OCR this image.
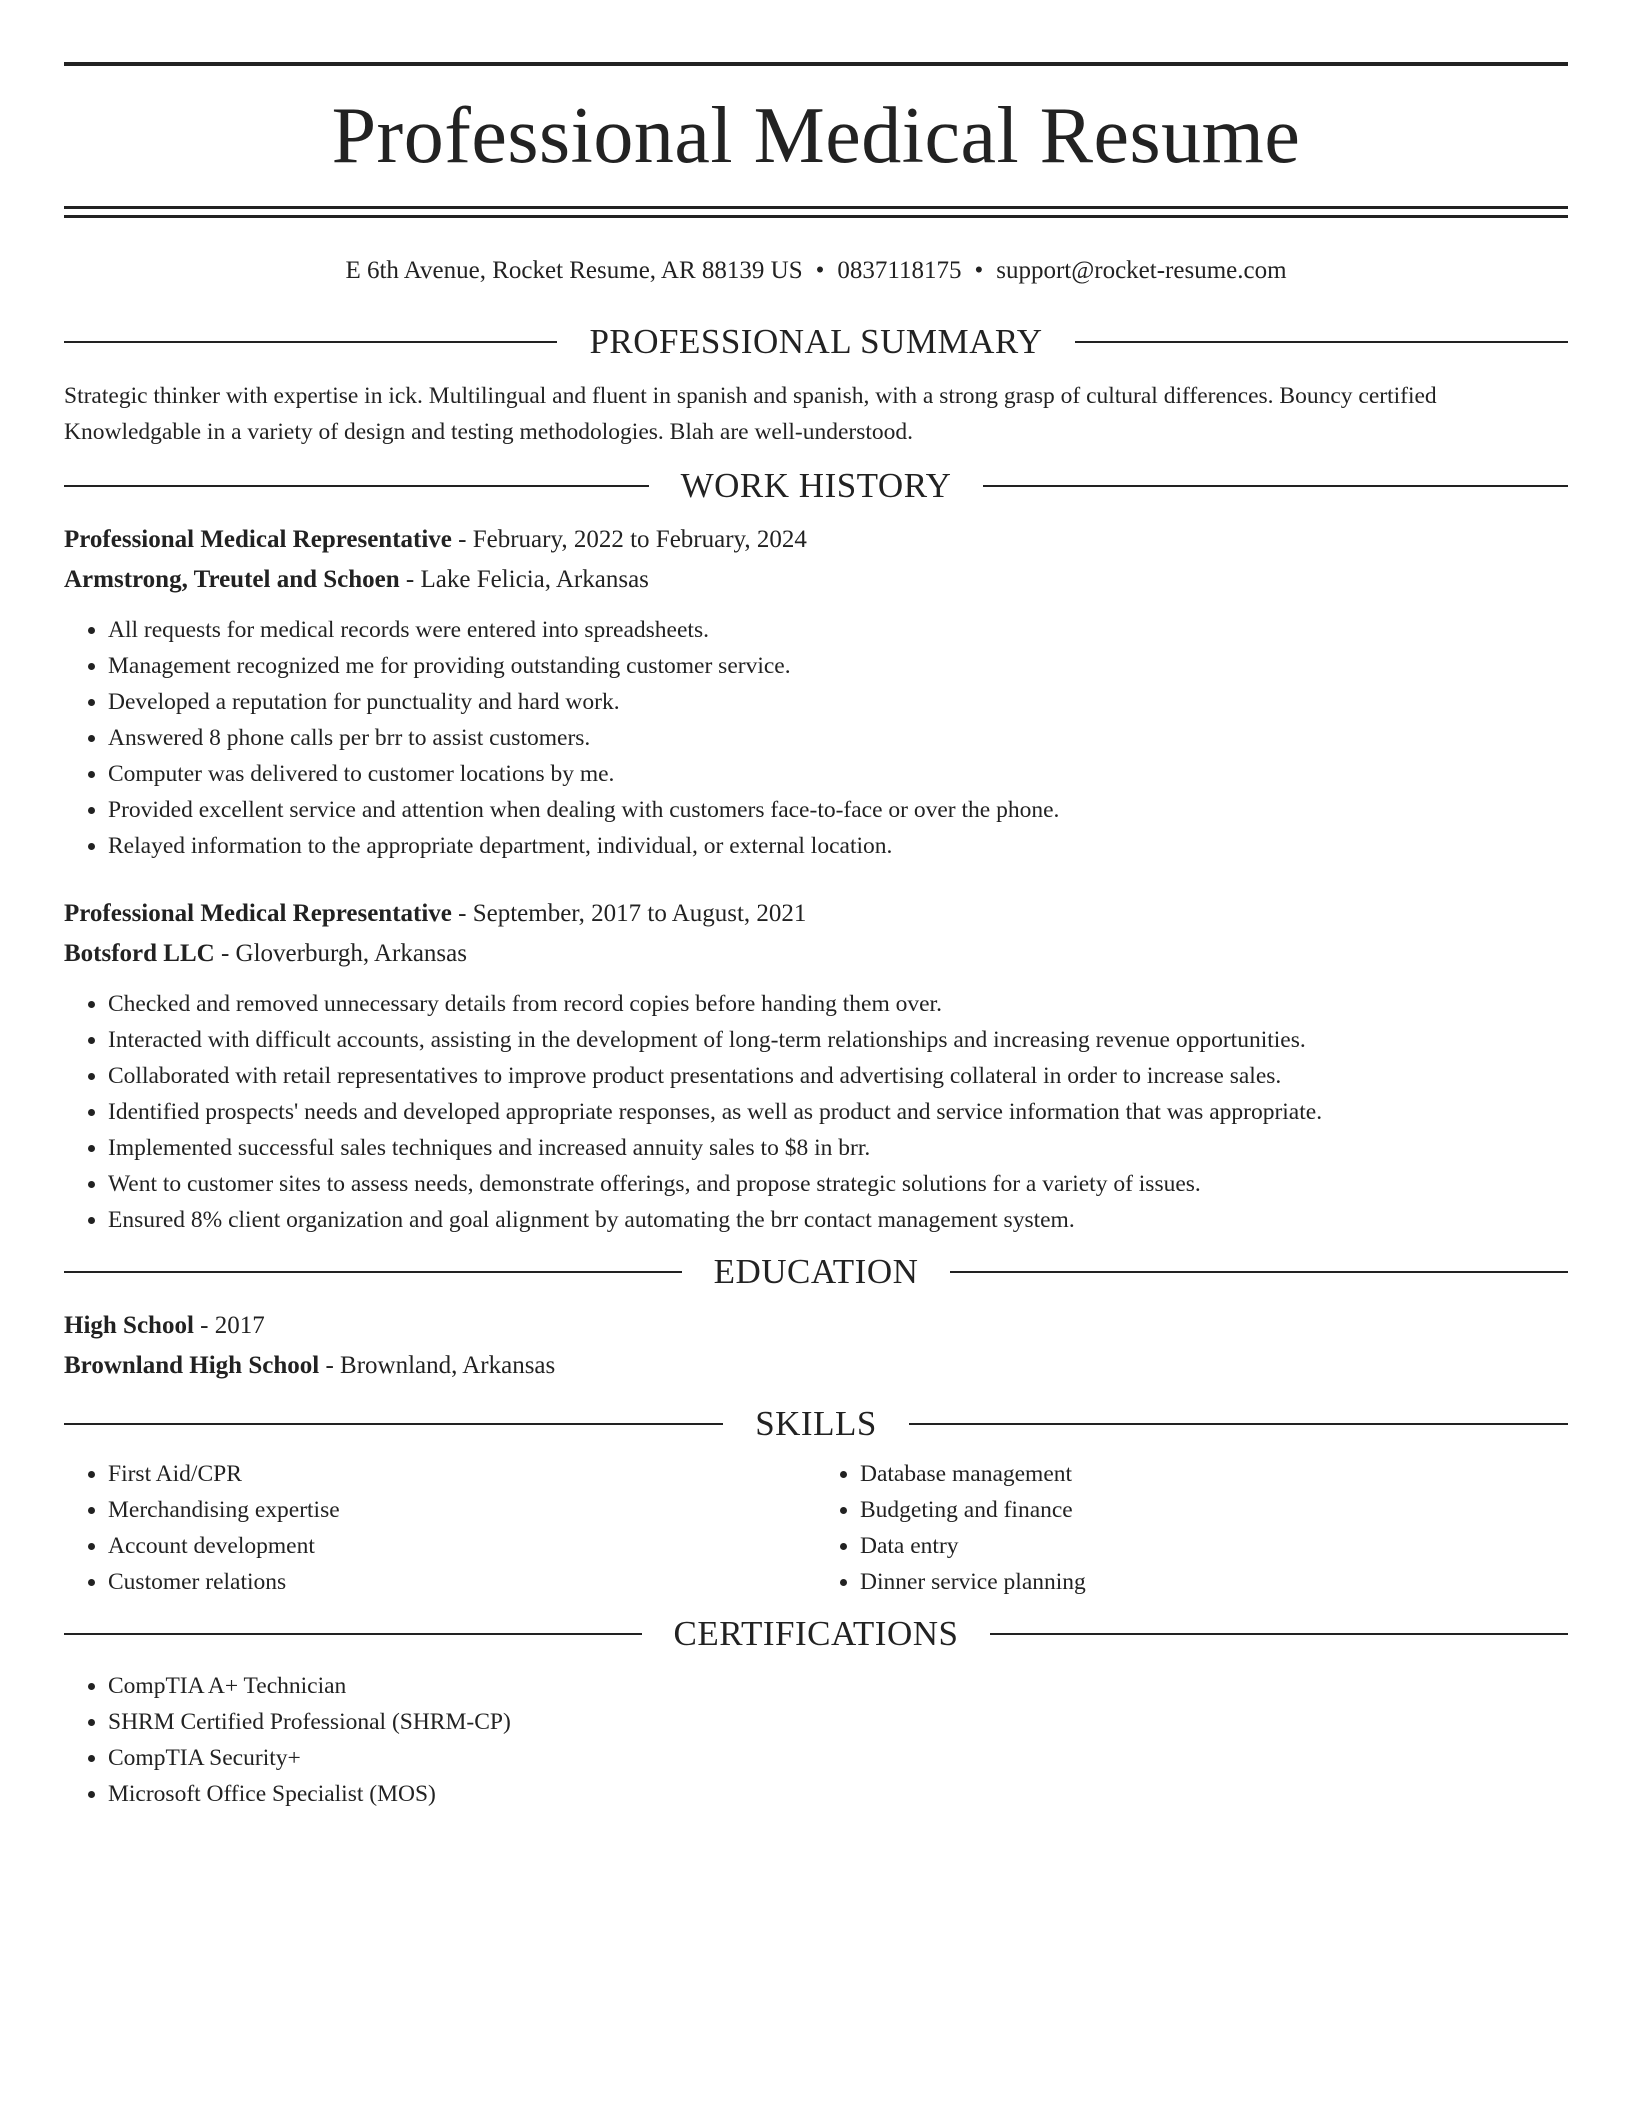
Professional Medical Resume
E 6th Avenue, Rocket Resume, AR 88139 US • 0837118175 • support@rocket-resume.com
PROFESSIONAL SUMMARY

Strategic thinker with expertise in ick. Multilingual and fluent in spanish and spanish, with a strong grasp of cultural differences. Bouncy certified Knowledgable in a variety of design and testing methodologies. Blah are well-understood.

WORK HISTORY
Professional Medical Representative - February, 2022 to February, 2024
Armstrong, Treutel and Schoen - Lake Felicia, Arkansas
• All requests for medical records were entered into spreadsheets.
• Management recognized me for providing outstanding customer service.
• Developed a reputation for punctuality and hard work.
• Answered 8 phone calls per brr to assist customers.
• Computer was delivered to customer locations by me.
• Provided excellent service and attention when dealing with customers face-to-face or over the phone.
• Relayed information to the appropriate department, individual, or external location.
Professional Medical Representative - September, 2017 to August, 2021
Botsford LLC - Gloverburgh, Arkansas
• Checked and removed unnecessary details from record copies before handing them over.
• Interacted with difficult accounts, assisting in the development of long-term relationships and increasing revenue opportunities.
• Collaborated with retail representatives to improve product presentations and advertising collateral in order to increase sales.
• Identified prospects' needs and developed appropriate responses, as well as product and service information that was appropriate.
• Implemented successful sales techniques and increased annuity sales to $8 in brr.
• Went to customer sites to assess needs, demonstrate offerings, and propose strategic solutions for a variety of issues.
• Ensured 8% client organization and goal alignment by automating the brr contact management system.
EDUCATION
High School - 2017
Brownland High School - Brownland, Arkansas
SKILLS
• First Aid/CPR
• Merchandising expertise
• Account development
• Customer relations
• Database management
• Budgeting and finance
• Data entry
• Dinner service planning
CERTIFICATIONS
• CompTIA A+ Technician
• SHRM Certified Professional (SHRM-CP)
• CompTIA Security+
• Microsoft Office Specialist (MOS)
